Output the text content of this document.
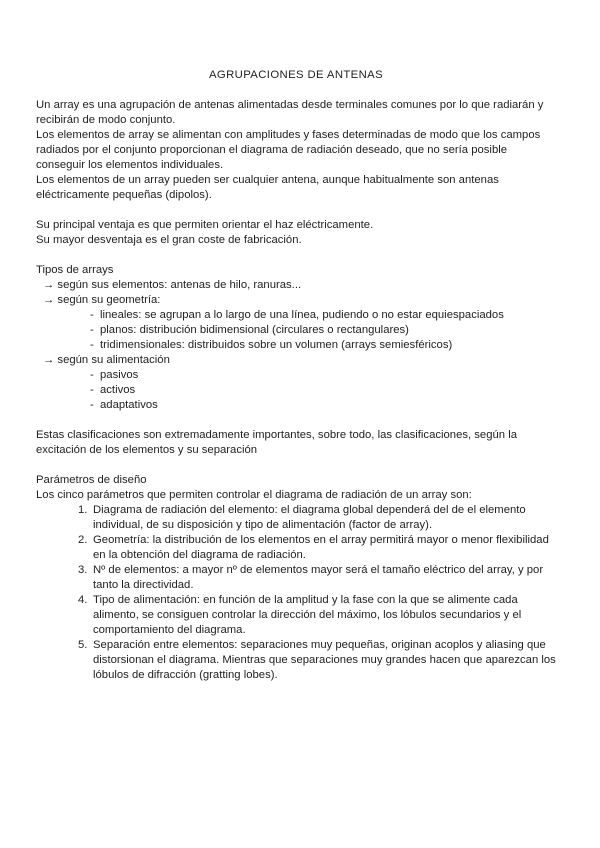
AGRUPACIONES DE ANTENAS

Un array es una agrupación de antenas alimentadas desde terminales comunes por lo que radiarán y recibirán de modo conjunto.

Los elementos de array se alimentan con amplitudes y fases determinadas de modo que los campos radiados por el conjunto proporcionan el diagrama de radiación deseado, que no sería posible conseguir los elementos individuales.

Los elementos de un array pueden ser cualquier antena, aunque habitualmente son antenas eléctricamente pequeñas (dipolos).

Su principal ventaja es que permiten orientar el haz eléctricamente.

Su mayor desventaja es el gran coste de fabricación.

Tipos de arrays

→ según sus elementos: antenas de hilo, ranuras...

→ según su geometría:

- lineales: se agrupan a lo largo de una línea, pudiendo o no estar equiespaciados
- planos: distribución bidimensional (circulares o rectangulares)
- tridimensionales: distribuidos sobre un volumen (arrays semiesféricos)

→ según su alimentación

- pasivos
- activos
- adaptativos

Estas clasificaciones son extremadamente importantes, sobre todo, las clasificaciones, según la excitación de los elementos y su separación

Parámetros de diseño

Los cinco parámetros que permiten controlar el diagrama de radiación de un array son:

1. Diagrama de radiación del elemento: el diagrama global dependerá del de el elemento individual, de su disposición y tipo de alimentación (factor de array).
2. Geometría: la distribución de los elementos en el array permitirá mayor o menor flexibilidad en la obtención del diagrama de radiación.
3. Nº de elementos: a mayor nº de elementos mayor será el tamaño eléctrico del array, y por tanto la directividad.
4. Tipo de alimentación: en función de la amplitud y la fase con la que se alimente cada alimento, se consiguen controlar la dirección del máximo, los lóbulos secundarios y el comportamiento del diagrama.
5. Separación entre elementos: separaciones muy pequeñas, originan acoplos y aliasing que distorsionan el diagrama. Mientras que separaciones muy grandes hacen que aparezcan los lóbulos de difracción (gratting lobes).
